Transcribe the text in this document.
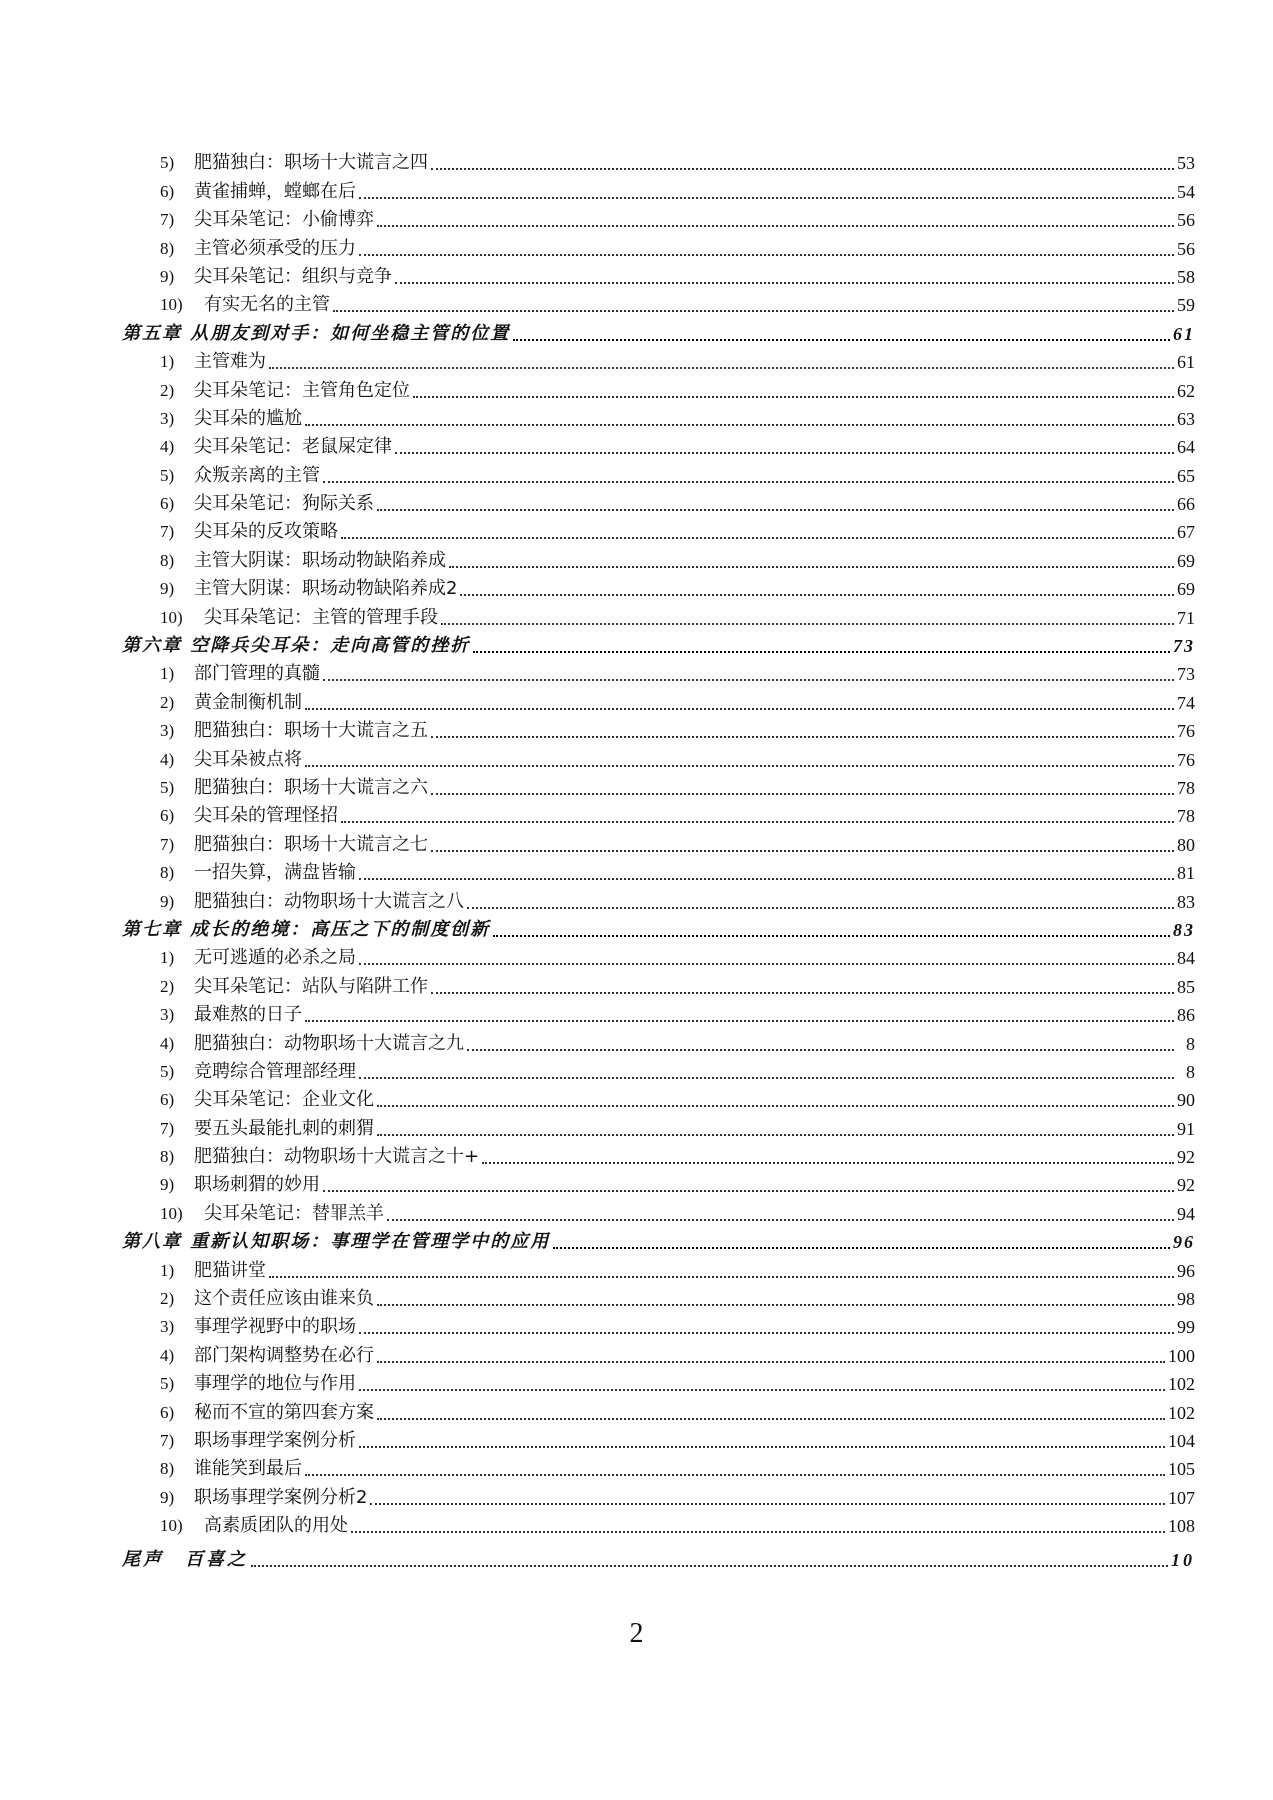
5)	肥猫独白：职场十大谎言之四	53
6)	黄雀捕蝉，螳螂在后	54
7)	尖耳朵笔记：小偷博弈	56
8)	主管必须承受的压力	56
9)	尖耳朵笔记：组织与竞争	58
10)	有实无名的主管	59
第五章 从朋友到对手：如何坐稳主管的位置	61
1)	主管难为	61
2)	尖耳朵笔记：主管角色定位	62
3)	尖耳朵的尴尬	63
4)	尖耳朵笔记：老鼠屎定律	64
5)	众叛亲离的主管	65
6)	尖耳朵笔记：狗际关系	66
7)	尖耳朵的反攻策略	67
8)	主管大阴谋：职场动物缺陷养成	69
9)	主管大阴谋：职场动物缺陷养成2	69
10)	尖耳朵笔记：主管的管理手段	71
第六章 空降兵尖耳朵：走向高管的挫折	73
1)	部门管理的真髓	73
2)	黄金制衡机制	74
3)	肥猫独白：职场十大谎言之五	76
4)	尖耳朵被点将	76
5)	肥猫独白：职场十大谎言之六	78
6)	尖耳朵的管理怪招	78
7)	肥猫独白：职场十大谎言之七	80
8)	一招失算，满盘皆输	81
9)	肥猫独白：动物职场十大谎言之八	83
第七章 成长的绝境：高压之下的制度创新	83
1)	无可逃遁的必杀之局	84
2)	尖耳朵笔记：站队与陷阱工作	85
3)	最难熬的日子	86
4)	肥猫独白：动物职场十大谎言之九	8
5)	竞聘综合管理部经理	8
6)	尖耳朵笔记：企业文化	90
7)	要五头最能扎刺的刺猬	91
8)	肥猫独白：动物职场十大谎言之十+	92
9)	职场刺猬的妙用	92
10)	尖耳朵笔记：替罪羔羊	94
第八章 重新认知职场：事理学在管理学中的应用	96
1)	肥猫讲堂	96
2)	这个责任应该由谁来负	98
3)	事理学视野中的职场	99
4)	部门架构调整势在必行	100
5)	事理学的地位与作用	102
6)	秘而不宣的第四套方案	102
7)	职场事理学案例分析	104
8)	谁能笑到最后	105
9)	职场事理学案例分析2	107
10)	高素质团队的用处	108
尾声　百喜之	10
2
